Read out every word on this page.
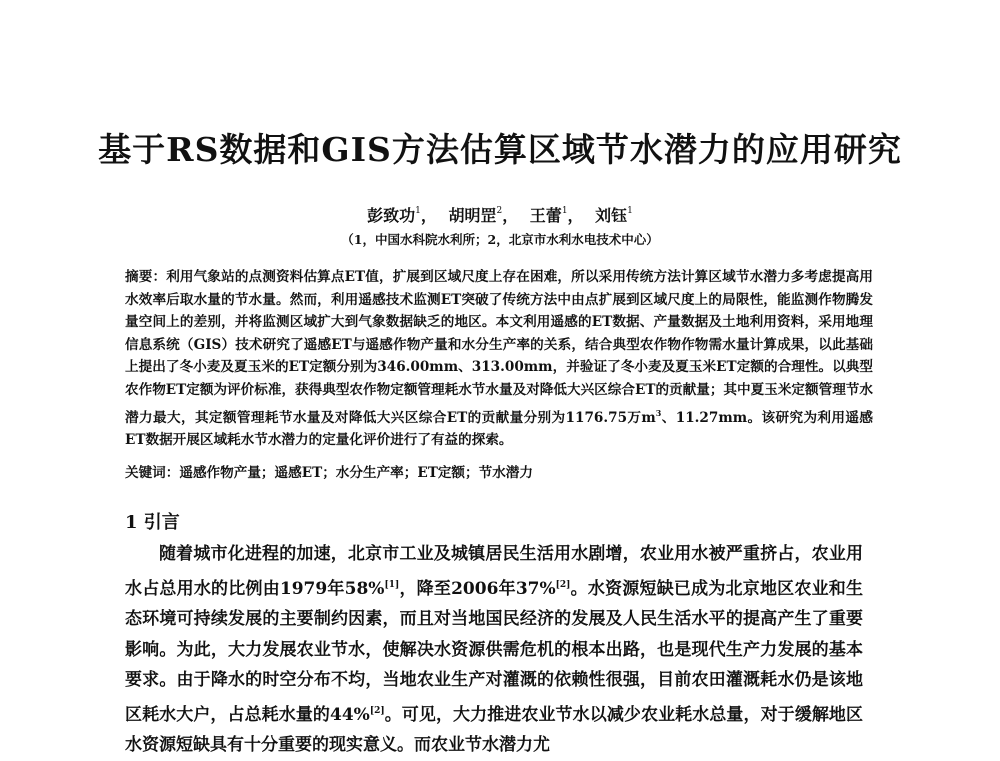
基于RS数据和GIS方法估算区域节水潜力的应用研究
彭致功$^1$， 胡明罡$^2$， 王蕾$^1$， 刘钰$^1$
（1，中国水科院水利所；2，北京市水利水电技术中心）
摘要：利用气象站的点测资料估算点ET值，扩展到区域尺度上存在困难，所以采用传统方法计算区域节水潜力多考虑提高用水效率后取水量的节水量。然而，利用遥感技术监测ET突破了传统方法中由点扩展到区域尺度上的局限性，能监测作物腾发量空间上的差别，并将监测区域扩大到气象数据缺乏的地区。本文利用遥感的ET数据、产量数据及土地利用资料，采用地理信息系统（GIS）技术研究了遥感ET与遥感作物产量和水分生产率的关系，结合典型农作物作物需水量计算成果，以此基础上提出了冬小麦及夏玉米的ET定额分别为346.00mm、313.00mm，并验证了冬小麦及夏玉米ET定额的合理性。以典型农作物ET定额为评价标准，获得典型农作物定额管理耗水节水量及对降低大兴区综合ET的贡献量；其中夏玉米定额管理节水潜力最大，其定额管理耗节水量及对降低大兴区综合ET的贡献量分别为1176.75万$m^3$、11.27mm。该研究为利用遥感ET数据开展区域耗水节水潜力的定量化评价进行了有益的探索。
关键词：遥感作物产量；遥感ET；水分生产率；ET定额；节水潜力
1 引言
随着城市化进程的加速，北京市工业及城镇居民生活用水剧增，农业用水被严重挤占，农业用水占总用水的比例由1979年58%[1]，降至2006年37%[2]。水资源短缺已成为北京地区农业和生态环境可持续发展的主要制约因素，而且对当地国民经济的发展及人民生活水平的提高产生了重要影响。为此，大力发展农业节水，使解决水资源供需危机的根本出路，也是现代生产力发展的基本要求。由于降水的时空分布不均，当地农业生产对灌溉的依赖性很强，目前农田灌溉耗水仍是该地区耗水大户，占总耗水量的44%[2]。可见，大力推进农业节水以减少农业耗水总量，对于缓解地区水资源短缺具有十分重要的现实意义。而农业节水潜力尤
